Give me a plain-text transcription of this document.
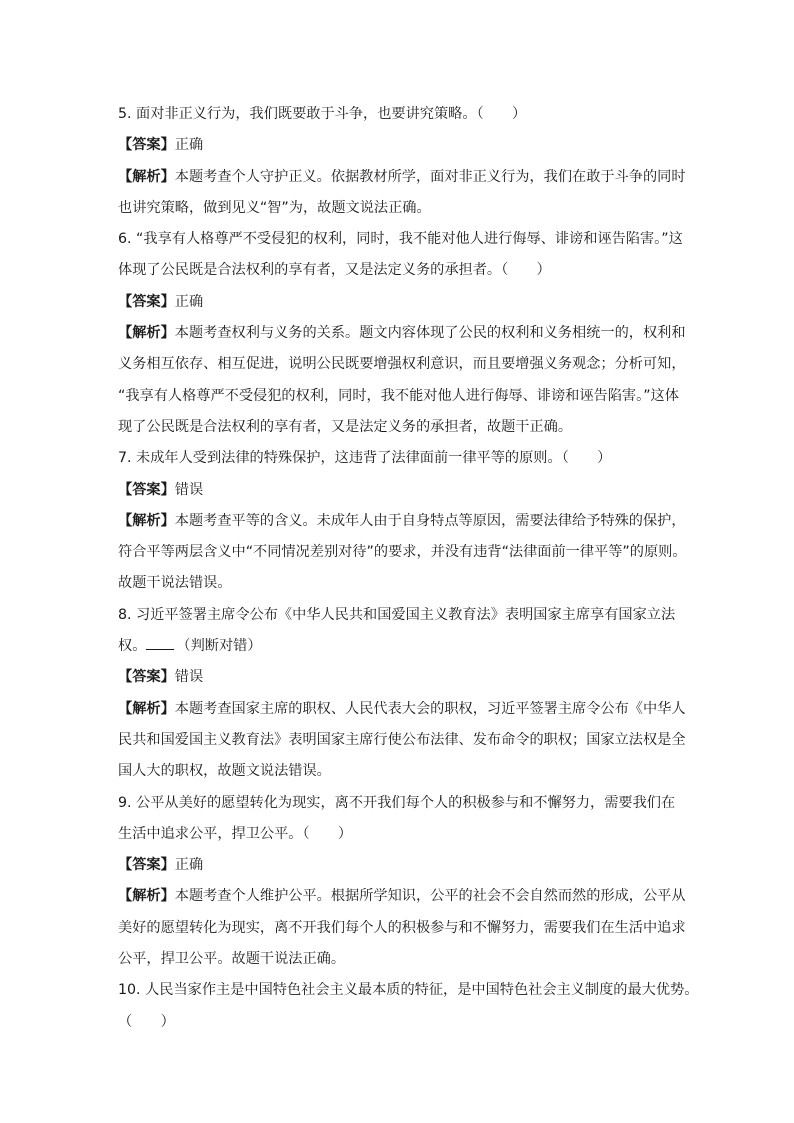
5. 面对非正义行为，我们既要敢于斗争，也要讲究策略。（　　）
【答案】正确
【解析】本题考查个人守护正义。依据教材所学，面对非正义行为，我们在敢于斗争的同时
也讲究策略，做到见义“智”为，故题文说法正确。
6. “我享有人格尊严不受侵犯的权利，同时，我不能对他人进行侮辱、诽谤和诬告陷害。”这
体现了公民既是合法权利的享有者，又是法定义务的承担者。（　　）
【答案】正确
【解析】本题考查权利与义务的关系。题文内容体现了公民的权利和义务相统一的，权利和
义务相互依存、相互促进，说明公民既要增强权利意识，而且要增强义务观念；分析可知，
“我享有人格尊严不受侵犯的权利，同时，我不能对他人进行侮辱、诽谤和诬告陷害。”这体
现了公民既是合法权利的享有者，又是法定义务的承担者，故题干正确。
7. 未成年人受到法律的特殊保护，这违背了法律面前一律平等的原则。（　　）
【答案】错误
【解析】本题考查平等的含义。未成年人由于自身特点等原因，需要法律给予特殊的保护，
符合平等两层含义中“不同情况差别对待”的要求，并没有违背“法律面前一律平等”的原则。
故题干说法错误。
8. 习近平签署主席令公布《中华人民共和国爱国主义教育法》表明国家主席享有国家立法
权。 （判断对错）
【答案】错误
【解析】本题考查国家主席的职权、人民代表大会的职权，习近平签署主席令公布《中华人
民共和国爱国主义教育法》表明国家主席行使公布法律、发布命令的职权；国家立法权是全
国人大的职权，故题文说法错误。
9. 公平从美好的愿望转化为现实，离不开我们每个人的积极参与和不懈努力，需要我们在
生活中追求公平，捍卫公平。（　　）
【答案】正确
【解析】本题考查个人维护公平。根据所学知识，公平的社会不会自然而然的形成，公平从
美好的愿望转化为现实，离不开我们每个人的积极参与和不懈努力，需要我们在生活中追求
公平，捍卫公平。故题干说法正确。
10. 人民当家作主是中国特色社会主义最本质的特征，是中国特色社会主义制度的最大优势。
（　　）
